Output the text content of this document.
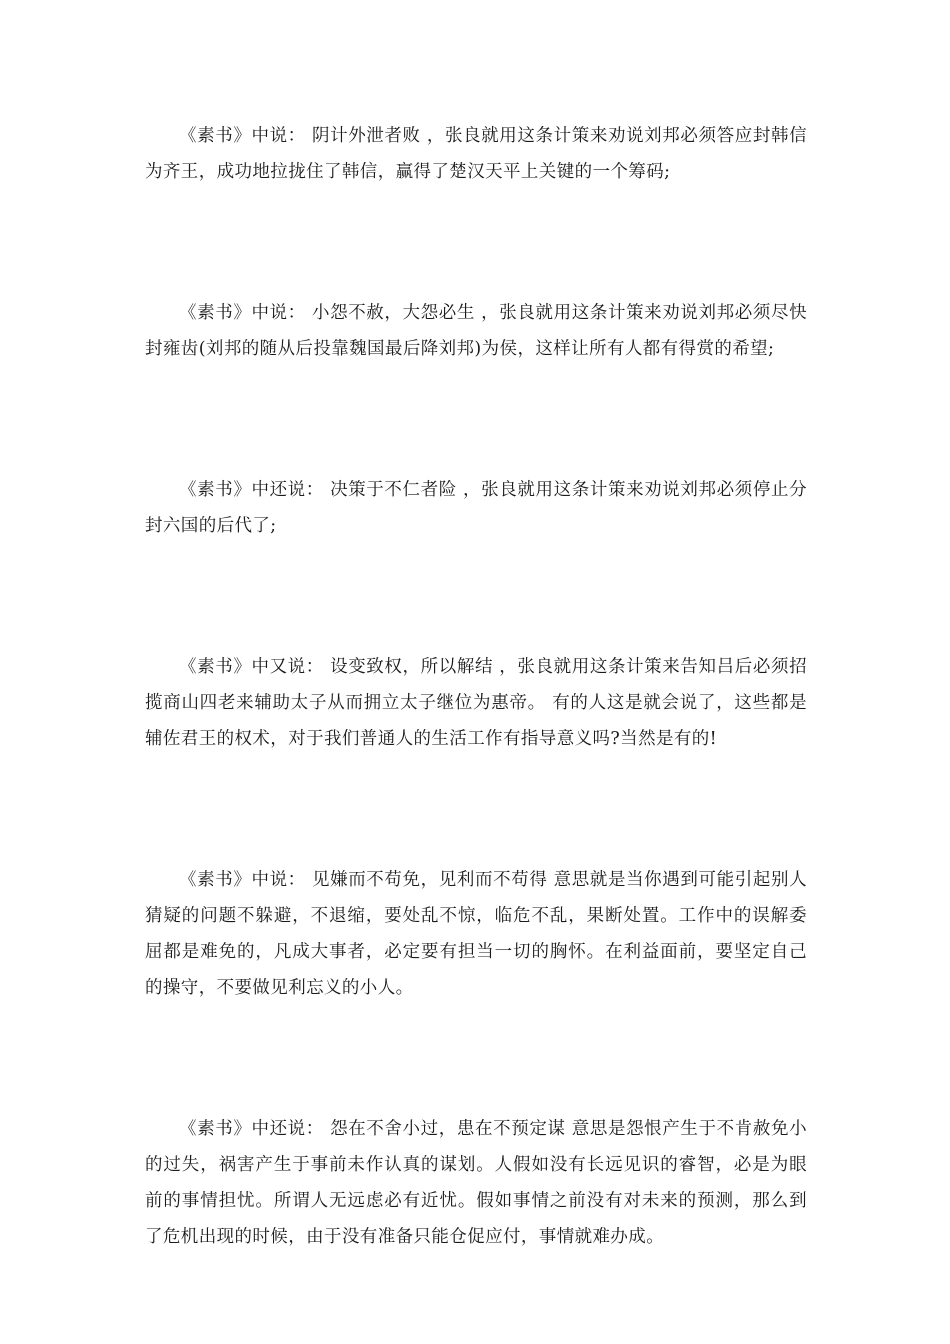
《素书》中说： 阴计外泄者败 ，张良就用这条计策来劝说刘邦必须答应封韩信为齐王，成功地拉拢住了韩信，赢得了楚汉天平上关键的一个筹码;

《素书》中说： 小怨不赦，大怨必生 ，张良就用这条计策来劝说刘邦必须尽快封雍齿(刘邦的随从后投靠魏国最后降刘邦)为侯，这样让所有人都有得赏的希望;

《素书》中还说： 决策于不仁者险 ，张良就用这条计策来劝说刘邦必须停止分封六国的后代了;

《素书》中又说： 设变致权，所以解结 ，张良就用这条计策来告知吕后必须招揽商山四老来辅助太子从而拥立太子继位为惠帝。 有的人这是就会说了，这些都是辅佐君王的权术，对于我们普通人的生活工作有指导意义吗?当然是有的!

《素书》中说： 见嫌而不苟免，见利而不苟得 意思就是当你遇到可能引起别人猜疑的问题不躲避，不退缩，要处乱不惊，临危不乱，果断处置。工作中的误解委屈都是难免的，凡成大事者，必定要有担当一切的胸怀。在利益面前，要坚定自己的操守，不要做见利忘义的小人。

《素书》中还说： 怨在不舍小过，患在不预定谋 意思是怨恨产生于不肯赦免小的过失，祸害产生于事前未作认真的谋划。人假如没有长远见识的睿智，必是为眼前的事情担忧。所谓人无远虑必有近忧。假如事情之前没有对未来的预测，那么到了危机出现的时候，由于没有准备只能仓促应付，事情就难办成。
